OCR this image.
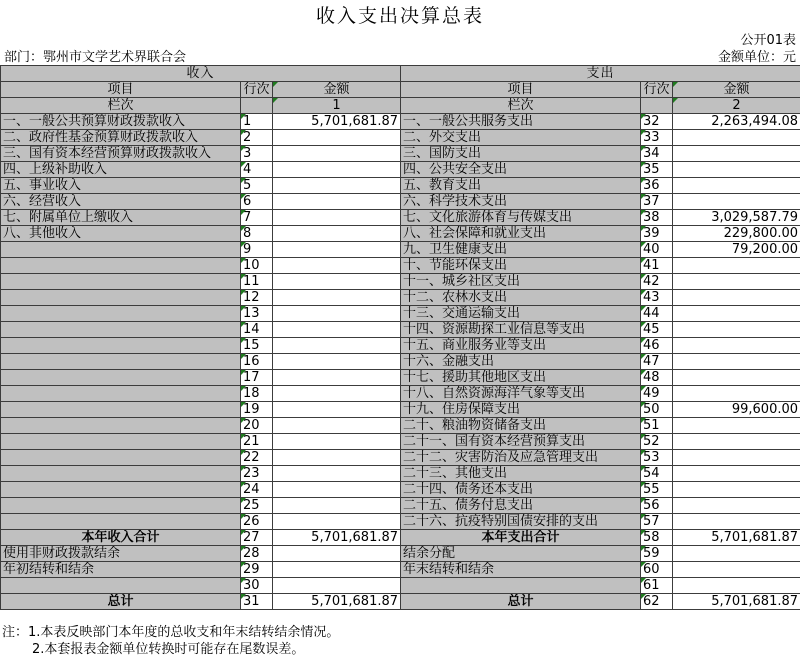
收入支出决算总表
公开01表
部门：鄂州市文学艺术界联合会	金额单位：元
收入			支出		
项目	行次	金额	项目	行次	金额
栏次		1	栏次		2
一、一般公共预算财政拨款收入	1	5,701,681.87	一、一般公共服务支出	32	2,263,494.08
二、政府性基金预算财政拨款收入	2		二、外交支出	33	
三、国有资本经营预算财政拨款收入	3		三、国防支出	34	
四、上级补助收入	4		四、公共安全支出	35	
五、事业收入	5		五、教育支出	36	
六、经营收入	6		六、科学技术支出	37	
七、附属单位上缴收入	7		七、文化旅游体育与传媒支出	38	3,029,587.79
八、其他收入	8		八、社会保障和就业支出	39	229,800.00
	9		九、卫生健康支出	40	79,200.00
	10		十、节能环保支出	41	
	11		十一、城乡社区支出	42	
	12		十二、农林水支出	43	
	13		十三、交通运输支出	44	
	14		十四、资源勘探工业信息等支出	45	
	15		十五、商业服务业等支出	46	
	16		十六、金融支出	47	
	17		十七、援助其他地区支出	48	
	18		十八、自然资源海洋气象等支出	49	
	19		十九、住房保障支出	50	99,600.00
	20		二十、粮油物资储备支出	51	
	21		二十一、国有资本经营预算支出	52	
	22		二十二、灾害防治及应急管理支出	53	
	23		二十三、其他支出	54	
	24		二十四、债务还本支出	55	
	25		二十五、债务付息支出	56	
	26		二十六、抗疫特别国债安排的支出	57	
本年收入合计	27	5,701,681.87	本年支出合计	58	5,701,681.87
使用非财政拨款结余	28		结余分配	59	
年初结转和结余	29		年末结转和结余	60	
	30			61	
总计	31	5,701,681.87	总计	62	5,701,681.87
注：1.本表反映部门本年度的总收支和年末结转结余情况。
2.本套报表金额单位转换时可能存在尾数误差。
